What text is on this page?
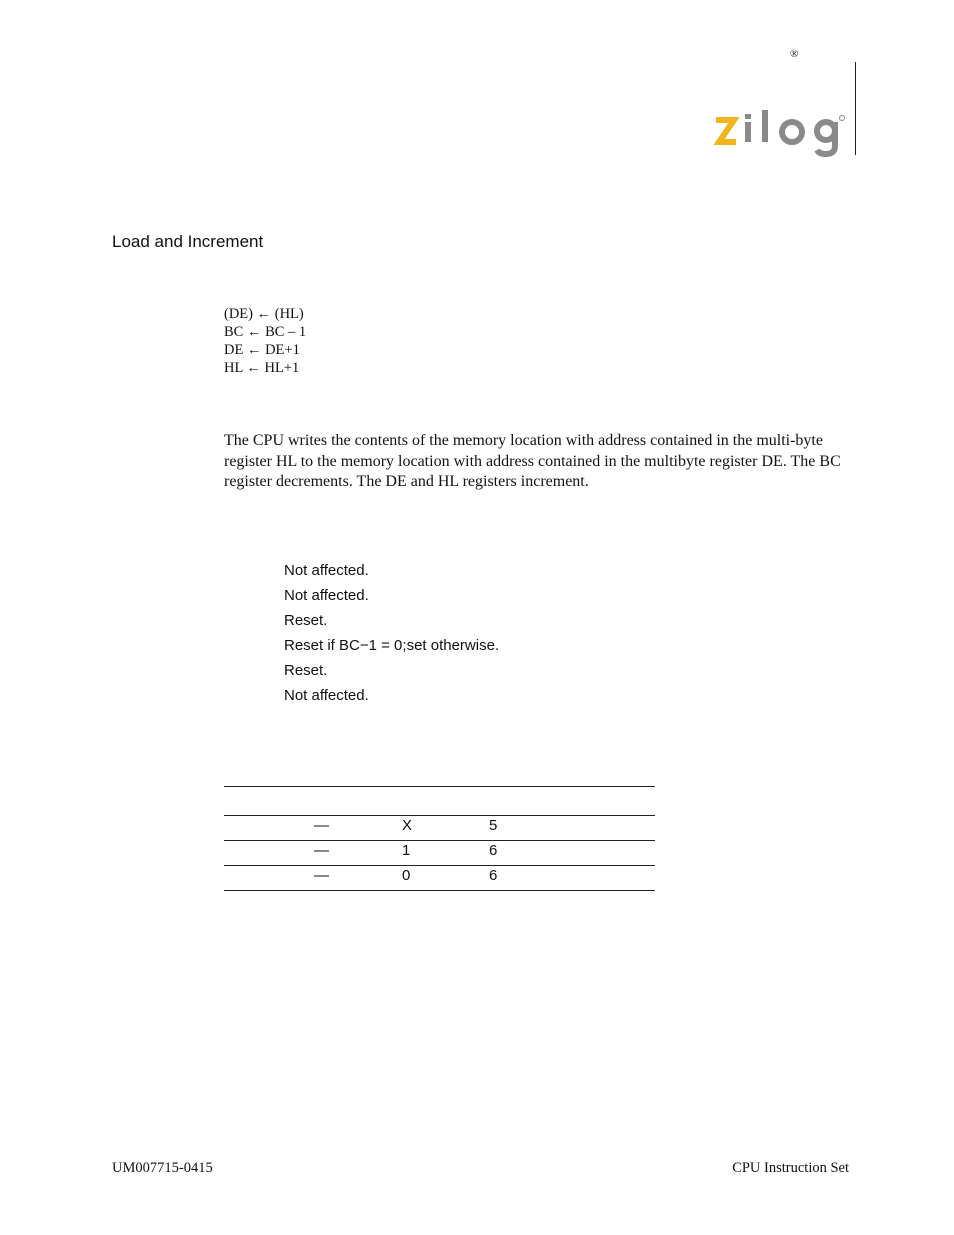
®
Load and Increment
(DE) ← (HL)
BC ← BC – 1
DE ← DE+1
HL ← HL+1
The CPU writes the contents of the memory location with address contained in the multi-byte register HL to the memory location with address contained in the multibyte register DE. The BC register decrements. The DE and HL registers increment.
Not affected.
Not affected.
Reset.
Reset if BC−1 = 0;set otherwise.
Reset.
Not affected.
—	X	5
—	1	6
—	0	6
UM007715-0415	CPU Instruction Set
